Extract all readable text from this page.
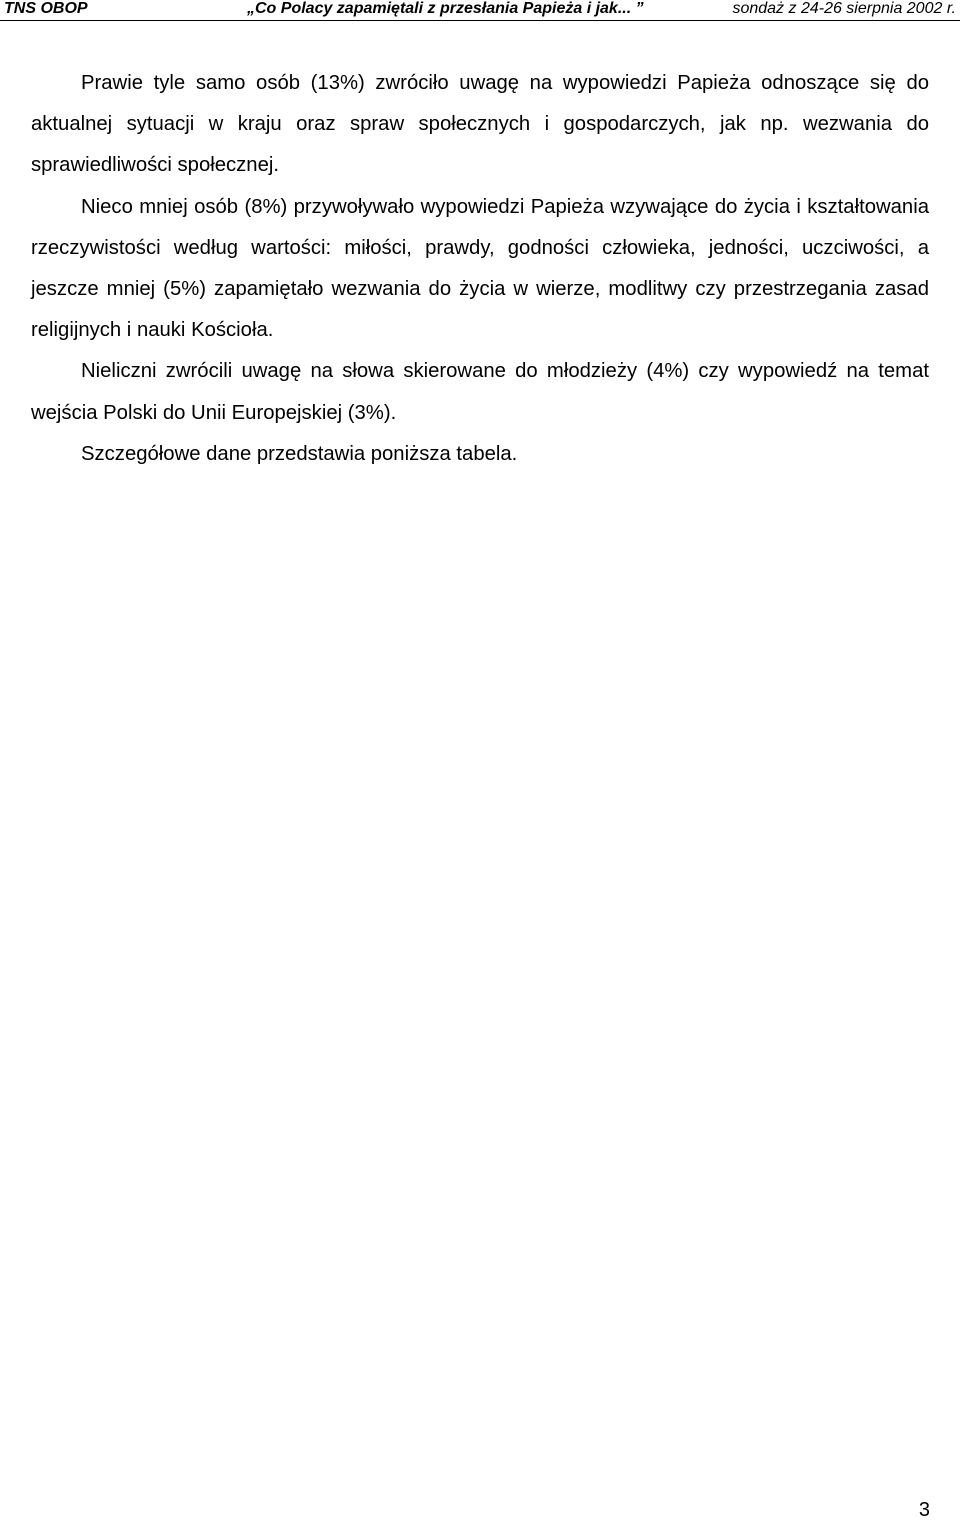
TNS OBOP	„Co Polacy zapamiętali z przesłania Papieża i jak... ”	sondaż z 24-26 sierpnia 2002 r.

Prawie tyle samo osób (13%) zwróciło uwagę na wypowiedzi Papieża odnoszące się do aktualnej sytuacji w kraju oraz spraw społecznych i gospodarczych, jak np. wezwania do sprawiedliwości społecznej.

Nieco mniej osób (8%) przywoływało wypowiedzi Papieża wzywające do życia i kształtowania rzeczywistości według wartości: miłości, prawdy, godności człowieka, jedności, uczciwości, a jeszcze mniej (5%) zapamiętało wezwania do życia w wierze, modlitwy czy przestrzegania zasad religijnych i nauki Kościoła.

Nieliczni zwrócili uwagę na słowa skierowane do młodzieży (4%) czy wypowiedź na temat wejścia Polski do Unii Europejskiej (3%).

Szczegółowe dane przedstawia poniższa tabela.

3
